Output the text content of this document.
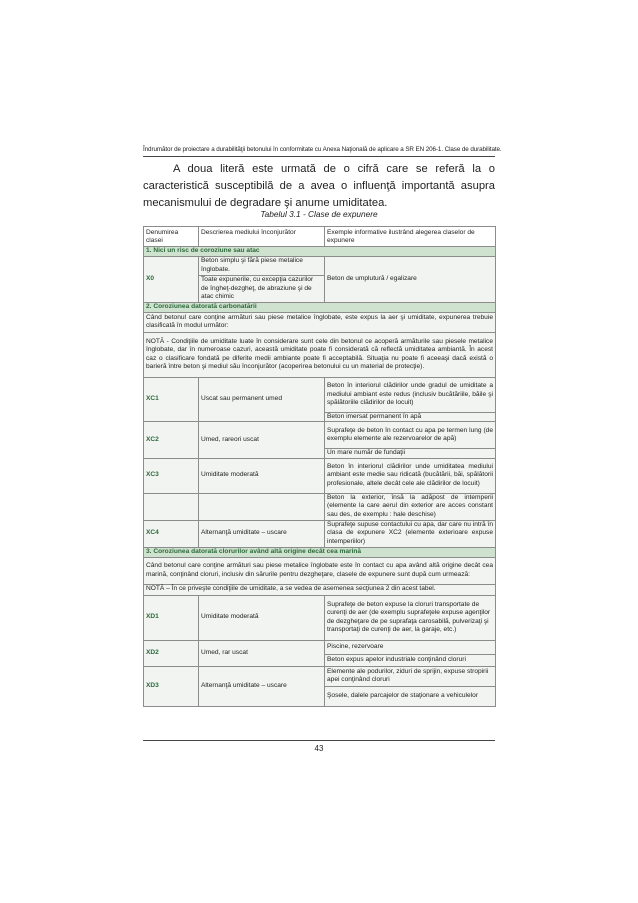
Îndrumător de proiectare a durabilităţii betonului în conformitate cu Anexa Naţională de aplicare a SR EN 206-1. Clase de durabilitate.
A doua literă este urmată de o cifră care se referă la o caracteristică susceptibilă de a avea o influenţă importantă asupra mecanismului de degradare şi anume umiditatea.
Tabelul 3.1 - Clase de expunere
Denumirea clasei	Descrierea mediului înconjurător	Exemple informative ilustrând alegerea claselor de expunere
1. Nici un risc de coroziune sau atac		
X0	Beton simplu şi fără piese metalice înglobate.	Beton de umplutură / egalizare
	Toate expunerile, cu excepţia cazurilor de îngheţ-dezgheţ, de abraziune şi de atac chimic	
2. Coroziunea datorată carbonatării		
Când betonul care conţine armături sau piese metalice înglobate, este expus la aer şi umiditate, expunerea trebuie clasificată în modul următor:		
NOTĂ - Condiţiile de umiditate luate în considerare sunt cele din betonul ce acoperă armăturile sau piesele metalice înglobate, dar în numeroase cazuri, această umiditate poate fi considerată că reflectă umiditatea ambiantă. În acest caz o clasificare fondată pe diferite medii ambiante poate fi acceptabilă. Situaţia nu poate fi aceeaşi dacă există o barieră între beton şi mediul său înconjurător (acoperirea betonului cu un material de protecţie).		
XC1	Uscat sau permanent umed	Beton în interiorul clădirilor unde gradul de umiditate a mediului ambiant este redus (inclusiv bucătăriile, băile şi spălătoriile clădirilor de locuit)
		Beton imersat permanent în apă
XC2	Umed, rareori uscat	Suprafeţe de beton în contact cu apa pe termen lung (de exemplu elemente ale rezervoarelor de apă)
		Un mare număr de fundaţii
XC3	Umiditate moderată	Beton în interiorul clădirilor unde umiditatea mediului ambiant este medie sau ridicată (bucătării, băi, spălătorii profesionale, altele decât cele ale clădirilor de locuit)
		Beton la exterior, însă la adăpost de intemperii (elemente la care aerul din exterior are acces constant sau des, de exemplu : hale deschise)
XC4	Alternanţă umiditate – uscare	Suprafeţe supuse contactului cu apa, dar care nu intră în clasa de expunere XC2 (elemente exterioare expuse intemperiilor)
3. Coroziunea datorată clorurilor având altă origine decât cea marină		
Când betonul care conţine armături sau piese metalice înglobate este în contact cu apa având altă origine decât cea marină, conţinând cloruri, inclusiv din sărurile pentru dezgheţare, clasele de expunere sunt după cum urmează:		
NOTĂ – În ce priveşte condiţiile de umiditate, a se vedea de asemenea secţiunea 2 din acest tabel.		
XD1	Umiditate moderată	Suprafeţe de beton expuse la cloruri transportate de curenţi de aer (de exemplu suprafeţele expuse agenţilor de dezgheţare de pe suprafaţa carosabilă, pulverizaţi şi transportaţi de curenţi de aer, la garaje, etc.)
XD2	Umed, rar uscat	Piscine, rezervoare
		Beton expus apelor industriale conţinând cloruri
XD3	Alternanţă umiditate – uscare	Elemente ale podurilor, ziduri de sprijin, expuse stropirii apei conţinând cloruri
		Şosele, dalele parcajelor de staţionare a vehiculelor
43
